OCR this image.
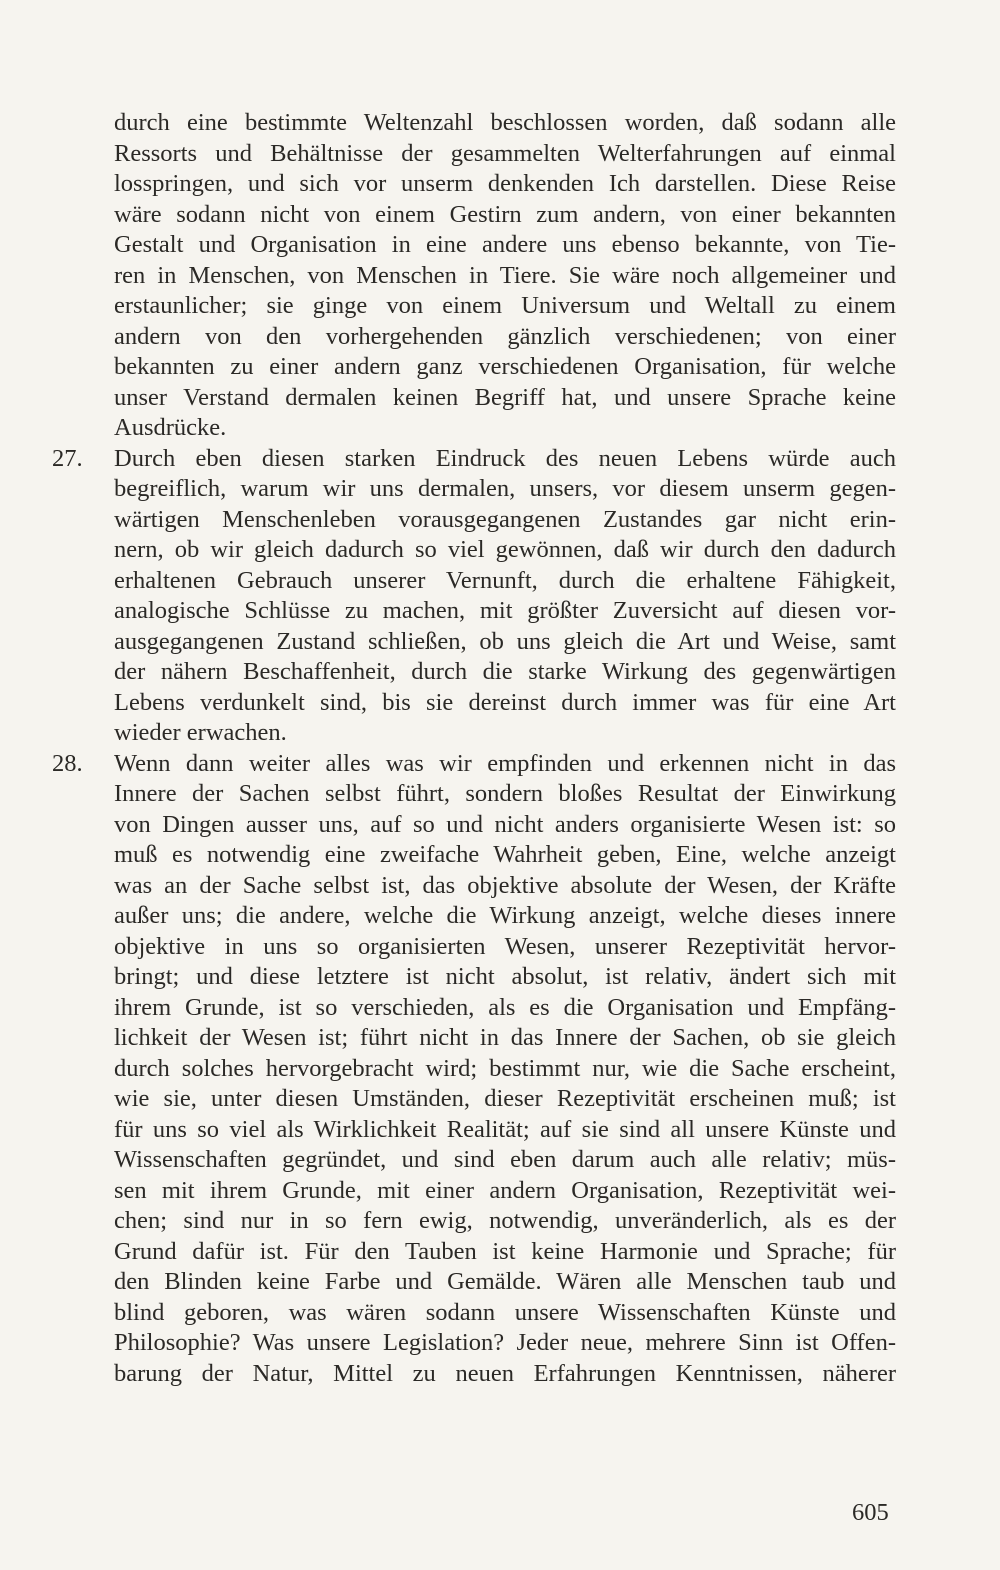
durch eine bestimmte Weltenzahl beschlossen worden, daß sodann alle
Ressorts und Behältnisse der gesammelten Welterfahrungen auf einmal
losspringen, und sich vor unserm denkenden Ich darstellen. Diese Reise
wäre sodann nicht von einem Gestirn zum andern, von einer bekannten
Gestalt und Organisation in eine andere uns ebenso bekannte, von Tie-
ren in Menschen, von Menschen in Tiere. Sie wäre noch allgemeiner und
erstaunlicher; sie ginge von einem Universum und Weltall zu einem
andern von den vorhergehenden gänzlich verschiedenen; von einer
bekannten zu einer andern ganz verschiedenen Organisation, für welche
unser Verstand dermalen keinen Begriff hat, und unsere Sprache keine
Ausdrücke.
Durch eben diesen starken Eindruck des neuen Lebens würde auch
27.
begreiflich, warum wir uns dermalen, unsers, vor diesem unserm gegen-
wärtigen Menschenleben vorausgegangenen Zustandes gar nicht erin-
nern, ob wir gleich dadurch so viel gewönnen, daß wir durch den dadurch
erhaltenen Gebrauch unserer Vernunft, durch die erhaltene Fähigkeit,
analogische Schlüsse zu machen, mit größter Zuversicht auf diesen vor-
ausgegangenen Zustand schließen, ob uns gleich die Art und Weise, samt
der nähern Beschaffenheit, durch die starke Wirkung des gegenwärtigen
Lebens verdunkelt sind, bis sie dereinst durch immer was für eine Art
wieder erwachen.
Wenn dann weiter alles was wir empfinden und erkennen nicht in das
28.
Innere der Sachen selbst führt, sondern bloßes Resultat der Einwirkung
von Dingen ausser uns, auf so und nicht anders organisierte Wesen ist: so
muß es notwendig eine zweifache Wahrheit geben, Eine, welche anzeigt
was an der Sache selbst ist, das objektive absolute der Wesen, der Kräfte
außer uns; die andere, welche die Wirkung anzeigt, welche dieses innere
objektive in uns so organisierten Wesen, unserer Rezeptivität hervor-
bringt; und diese letztere ist nicht absolut, ist relativ, ändert sich mit
ihrem Grunde, ist so verschieden, als es die Organisation und Empfäng-
lichkeit der Wesen ist; führt nicht in das Innere der Sachen, ob sie gleich
durch solches hervorgebracht wird; bestimmt nur, wie die Sache erscheint,
wie sie, unter diesen Umständen, dieser Rezeptivität erscheinen muß; ist
für uns so viel als Wirklichkeit Realität; auf sie sind all unsere Künste und
Wissenschaften gegründet, und sind eben darum auch alle relativ; müs-
sen mit ihrem Grunde, mit einer andern Organisation, Rezeptivität wei-
chen; sind nur in so fern ewig, notwendig, unveränderlich, als es der
Grund dafür ist. Für den Tauben ist keine Harmonie und Sprache; für
den Blinden keine Farbe und Gemälde. Wären alle Menschen taub und
blind geboren, was wären sodann unsere Wissenschaften Künste und
Philosophie? Was unsere Legislation? Jeder neue, mehrere Sinn ist Offen-
barung der Natur, Mittel zu neuen Erfahrungen Kenntnissen, näherer
605
